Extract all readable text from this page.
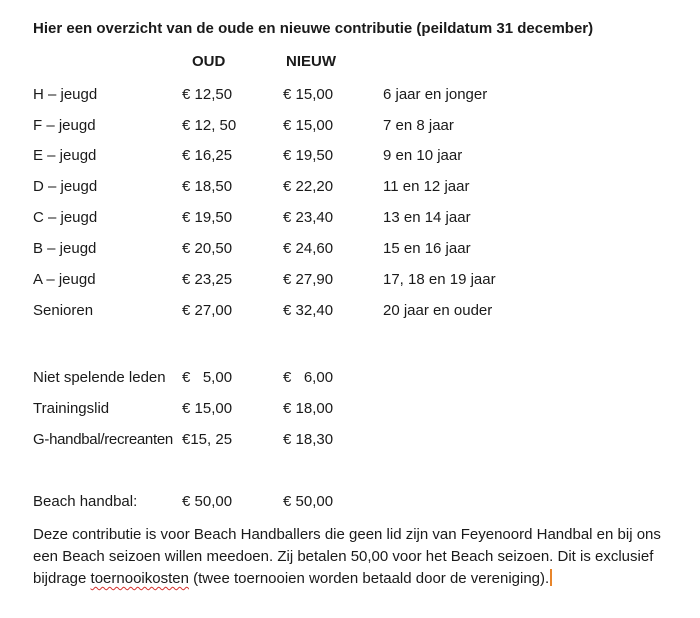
Hier een overzicht van de oude en nieuwe contributie (peildatum 31 december)
OUD	NIEUW
H – jeugd	€ 12,50	€ 15,00	6 jaar en jonger
F – jeugd	€ 12, 50	€ 15,00	7 en 8 jaar
E – jeugd	€ 16,25	€ 19,50	9 en 10 jaar
D – jeugd	€ 18,50	€ 22,20	11 en 12 jaar
C – jeugd	€ 19,50	€ 23,40	13 en 14 jaar
B – jeugd	€ 20,50	€ 24,60	15 en 16 jaar
A – jeugd	€ 23,25	€ 27,90	17, 18 en 19 jaar
Senioren	€ 27,00	€ 32,40	20 jaar en ouder
Niet spelende leden €   5,00	€   6,00
Trainingslid	€ 15,00	€ 18,00
G-handbal/recreanten €15, 25	€ 18,30
Beach handbal:	€ 50,00	€ 50,00
Deze contributie is voor Beach Handballers die geen lid zijn van Feyenoord Handbal en bij ons
een Beach seizoen willen meedoen. Zij betalen 50,00 voor het Beach seizoen. Dit is exclusief
bijdrage toernooikosten (twee toernooien worden betaald door de vereniging).
